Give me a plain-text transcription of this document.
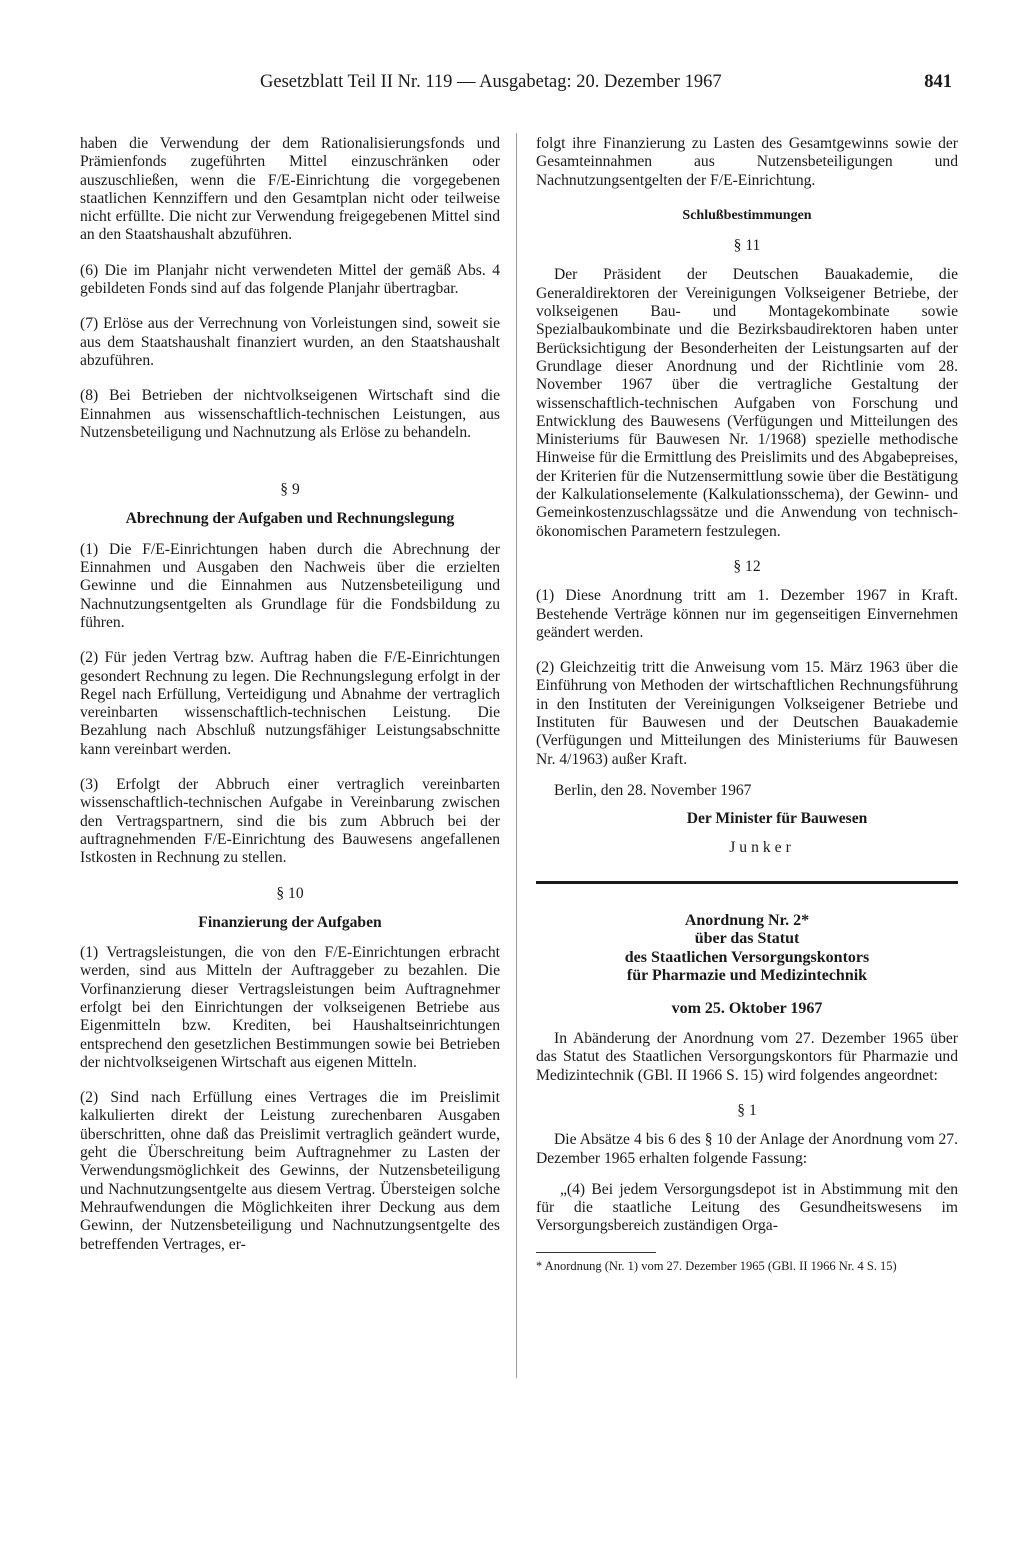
Gesetzblatt Teil II Nr. 119 — Ausgabetag: 20. Dezember 1967	841

haben die Verwendung der dem Rationalisierungsfonds und Prämienfonds zugeführten Mittel einzuschränken oder auszuschließen, wenn die F/E-Einrichtung die vorgegebenen staatlichen Kennziffern und den Gesamtplan nicht oder teilweise nicht erfüllte. Die nicht zur Verwendung freigegebenen Mittel sind an den Staatshaushalt abzuführen.

(6) Die im Planjahr nicht verwendeten Mittel der gemäß Abs. 4 gebildeten Fonds sind auf das folgende Planjahr übertragbar.

(7) Erlöse aus der Verrechnung von Vorleistungen sind, soweit sie aus dem Staatshaushalt finanziert wurden, an den Staatshaushalt abzuführen.

(8) Bei Betrieben der nichtvolkseigenen Wirtschaft sind die Einnahmen aus wissenschaftlich-technischen Leistungen, aus Nutzensbeteiligung und Nachnutzung als Erlöse zu behandeln.

§ 9

Abrechnung der Aufgaben und Rechnungslegung

(1) Die F/E-Einrichtungen haben durch die Abrechnung der Einnahmen und Ausgaben den Nachweis über die erzielten Gewinne und die Einnahmen aus Nutzensbeteiligung und Nachnutzungsentgelten als Grundlage für die Fondsbildung zu führen.

(2) Für jeden Vertrag bzw. Auftrag haben die F/E-Einrichtungen gesondert Rechnung zu legen. Die Rechnungslegung erfolgt in der Regel nach Erfüllung, Verteidigung und Abnahme der vertraglich vereinbarten wissenschaftlich-technischen Leistung. Die Bezahlung nach Abschluß nutzungsfähiger Leistungsabschnitte kann vereinbart werden.

(3) Erfolgt der Abbruch einer vertraglich vereinbarten wissenschaftlich-technischen Aufgabe in Vereinbarung zwischen den Vertragspartnern, sind die bis zum Abbruch bei der auftragnehmenden F/E-Einrichtung des Bauwesens angefallenen Istkosten in Rechnung zu stellen.

§ 10

Finanzierung der Aufgaben

(1) Vertragsleistungen, die von den F/E-Einrichtungen erbracht werden, sind aus Mitteln der Auftraggeber zu bezahlen. Die Vorfinanzierung dieser Vertragsleistungen beim Auftragnehmer erfolgt bei den Einrichtungen der volkseigenen Betriebe aus Eigenmitteln bzw. Krediten, bei Haushaltseinrichtungen entsprechend den gesetzlichen Bestimmungen sowie bei Betrieben der nichtvolkseigenen Wirtschaft aus eigenen Mitteln.

(2) Sind nach Erfüllung eines Vertrages die im Preislimit kalkulierten direkt der Leistung zurechenbaren Ausgaben überschritten, ohne daß das Preislimit vertraglich geändert wurde, geht die Überschreitung beim Auftragnehmer zu Lasten der Verwendungsmöglichkeit des Gewinns, der Nutzensbeteiligung und Nachnutzungsentgelte aus diesem Vertrag. Übersteigen solche Mehraufwendungen die Möglichkeiten ihrer Deckung aus dem Gewinn, der Nutzensbeteiligung und Nachnutzungsentgelte des betreffenden Vertrages, er-

folgt ihre Finanzierung zu Lasten des Gesamtgewinns sowie der Gesamteinnahmen aus Nutzensbeteiligungen und Nachnutzungsentgelten der F/E-Einrichtung.

Schlußbestimmungen

§ 11

Der Präsident der Deutschen Bauakademie, die Generaldirektoren der Vereinigungen Volkseigener Betriebe, der volkseigenen Bau- und Montagekombinate sowie Spezialbaukombinate und die Bezirksbaudirektoren haben unter Berücksichtigung der Besonderheiten der Leistungsarten auf der Grundlage dieser Anordnung und der Richtlinie vom 28. November 1967 über die vertragliche Gestaltung der wissenschaftlich-technischen Aufgaben von Forschung und Entwicklung des Bauwesens (Verfügungen und Mitteilungen des Ministeriums für Bauwesen Nr. 1/1968) spezielle methodische Hinweise für die Ermittlung des Preislimits und des Abgabepreises, der Kriterien für die Nutzensermittlung sowie über die Bestätigung der Kalkulationselemente (Kalkulationsschema), der Gewinn- und Gemeinkostenzuschlagssätze und die Anwendung von technisch-ökonomischen Parametern festzulegen.

§ 12

(1) Diese Anordnung tritt am 1. Dezember 1967 in Kraft. Bestehende Verträge können nur im gegenseitigen Einvernehmen geändert werden.

(2) Gleichzeitig tritt die Anweisung vom 15. März 1963 über die Einführung von Methoden der wirtschaftlichen Rechnungsführung in den Instituten der Vereinigungen Volkseigener Betriebe und Instituten für Bauwesen und der Deutschen Bauakademie (Verfügungen und Mitteilungen des Ministeriums für Bauwesen Nr. 4/1963) außer Kraft.

Berlin, den 28. November 1967

Der Minister für Bauwesen

Junker

Anordnung Nr. 2*
über das Statut
des Staatlichen Versorgungskontors
für Pharmazie und Medizintechnik

vom 25. Oktober 1967

In Abänderung der Anordnung vom 27. Dezember 1965 über das Statut des Staatlichen Versorgungskontors für Pharmazie und Medizintechnik (GBl. II 1966 S. 15) wird folgendes angeordnet:

§ 1

Die Absätze 4 bis 6 des § 10 der Anlage der Anordnung vom 27. Dezember 1965 erhalten folgende Fassung:

„(4) Bei jedem Versorgungsdepot ist in Abstimmung mit den für die staatliche Leitung des Gesundheitswesens im Versorgungsbereich zuständigen Orga-

* Anordnung (Nr. 1) vom 27. Dezember 1965 (GBl. II 1966 Nr. 4 S. 15)
